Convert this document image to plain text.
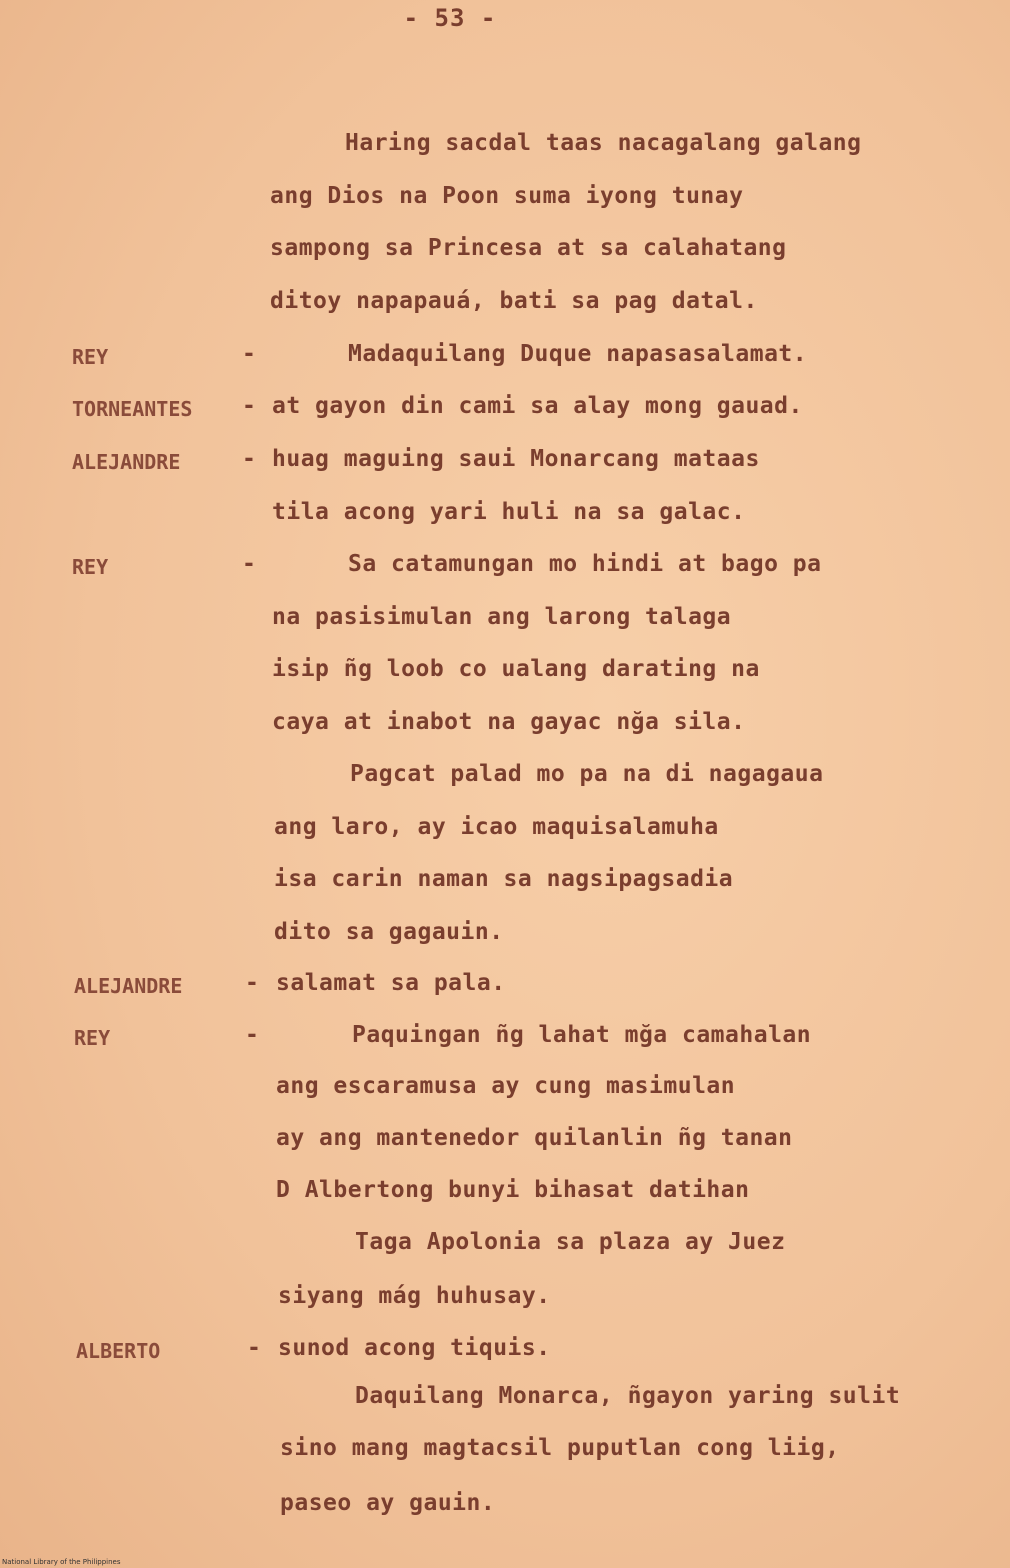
- 53 -
Haring sacdal taas nacagalang galang
ang Dios na Poon suma iyong tunay
sampong sa Princesa at sa calahatang
ditoy napapauá, bati sa pag datal.
REY	-	Madaquilang Duque napasasalamat.
TORNEANTES - at gayon din cami sa alay mong gauad.
ALEJANDRE	- huag maguing saui Monarcang mataas
tila acong yari huli na sa galac.
REY	-	Sa catamungan mo hindi at bago pa
na pasisimulan ang larong talaga
isip ñg loob co ualang darating na
caya at inabot na gayac nğa sila.
Pagcat palad mo pa na di nagagaua
ang laro, ay icao maquisalamuha
isa carin naman sa nagsipagsadia
dito sa gagauin.
ALEJANDRE	- salamat sa pala.
REY	-	Paquingan ñg lahat mğa camahalan
ang escaramusa ay cung masimulan
ay ang mantenedor quilanlin ñg tanan
D Albertong bunyi bihasat datihan
Taga Apolonia sa plaza ay Juez
siyang mág huhusay.
ALBERTO	- sunod acong tiquis.
Daquilang Monarca, ñgayon yaring sulit
sino mang magtacsil puputlan cong liig,
paseo ay gauin.
National Library of the Philippines
